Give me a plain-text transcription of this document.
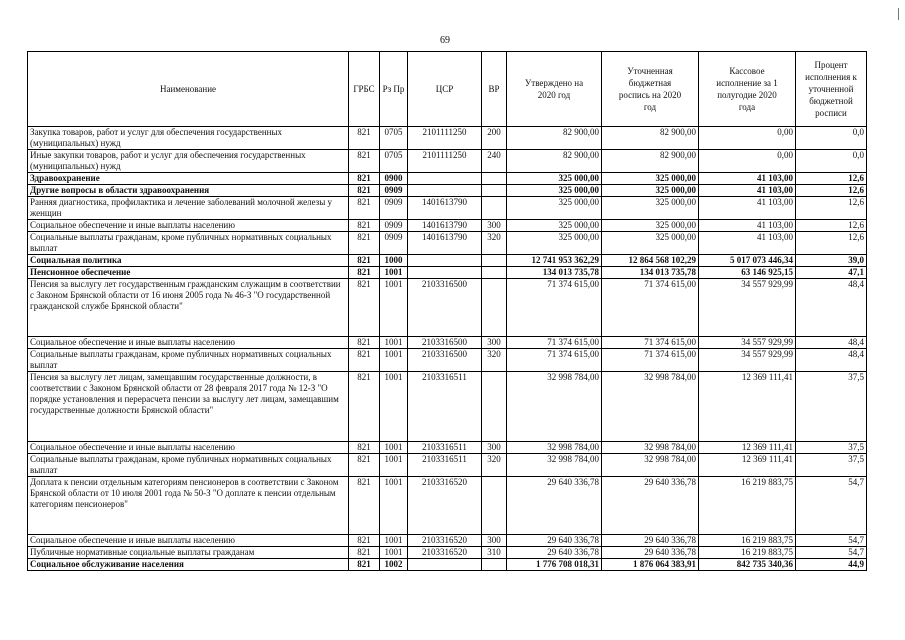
69
Наименование	ГРБС	Рз Пр	ЦСР	ВР	Утверждено на 2020 год	Уточненная бюджетная роспись на 2020 год	Кассовое исполнение за 1 полугодие 2020 года	Процент исполнения к уточненной бюджетной росписи
Закупка товаров, работ и услуг для обеспечения государственных (муниципальных) нужд	821	0705	2101111250	200	82 900,00	82 900,00	0,00	0,0
Иные закупки товаров, работ и услуг для обеспечения государственных (муниципальных) нужд	821	0705	2101111250	240	82 900,00	82 900,00	0,00	0,0
Здравоохранение	821	0900			325 000,00	325 000,00	41 103,00	12,6
Другие вопросы в области здравоохранения	821	0909			325 000,00	325 000,00	41 103,00	12,6
Ранняя диагностика, профилактика и лечение заболеваний молочной железы у женщин	821	0909	1401613790		325 000,00	325 000,00	41 103,00	12,6
Социальное обеспечение и иные выплаты населению	821	0909	1401613790	300	325 000,00	325 000,00	41 103,00	12,6
Социальные выплаты гражданам, кроме публичных нормативных социальных выплат	821	0909	1401613790	320	325 000,00	325 000,00	41 103,00	12,6
Социальная политика	821	1000			12 741 953 362,29	12 864 568 102,29	5 017 073 446,34	39,0
Пенсионное обеспечение	821	1001			134 013 735,78	134 013 735,78	63 146 925,15	47,1
Пенсия за выслугу лет государственным гражданским служащим в соответствии с Законом Брянской области от 16 июня 2005 года № 46-З "О государственной гражданской службе Брянской области"	821	1001	2103316500		71 374 615,00	71 374 615,00	34 557 929,99	48,4
Социальное обеспечение и иные выплаты населению	821	1001	2103316500	300	71 374 615,00	71 374 615,00	34 557 929,99	48,4
Социальные выплаты гражданам, кроме публичных нормативных социальных выплат	821	1001	2103316500	320	71 374 615,00	71 374 615,00	34 557 929,99	48,4
Пенсия за выслугу лет лицам, замещавшим государственные должности, в соответствии с Законом Брянской области от 28 февраля 2017 года № 12-З "О порядке установления и перерасчета пенсии за выслугу лет лицам, замещавшим государственные должности Брянской области"	821	1001	2103316511		32 998 784,00	32 998 784,00	12 369 111,41	37,5
Социальное обеспечение и иные выплаты населению	821	1001	2103316511	300	32 998 784,00	32 998 784,00	12 369 111,41	37,5
Социальные выплаты гражданам, кроме публичных нормативных социальных выплат	821	1001	2103316511	320	32 998 784,00	32 998 784,00	12 369 111,41	37,5
Доплата к пенсии отдельным категориям пенсионеров в соответствии с Законом Брянской области от 10 июля 2001 года № 50-З "О доплате к пенсии отдельным категориям пенсионеров"	821	1001	2103316520		29 640 336,78	29 640 336,78	16 219 883,75	54,7
Социальное обеспечение и иные выплаты населению	821	1001	2103316520	300	29 640 336,78	29 640 336,78	16 219 883,75	54,7
Публичные нормативные социальные выплаты гражданам	821	1001	2103316520	310	29 640 336,78	29 640 336,78	16 219 883,75	54,7
Социальное обслуживание населения	821	1002			1 776 708 018,31	1 876 064 383,91	842 735 340,36	44,9
